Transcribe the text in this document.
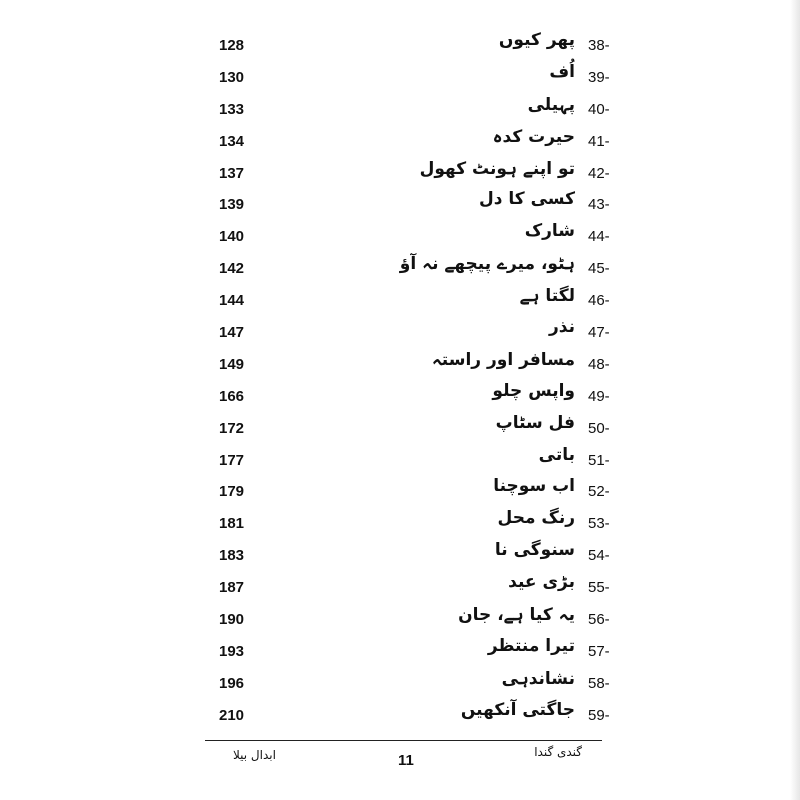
128	پھر کیوں 38-
130	اُف 39-
133	پہیلی 40-
134	حیرت کدہ 41-
137	تو اپنے ہونٹ کھول 42-
139	کسی کا دل 43-
140	شارک 44-
142	ہٹو، میرے پیچھے نہ آؤ 45-
144	لگتا ہے 46-
147	نذر 47-
149	مسافر اور راستہ 48-
166	واپس چلو 49-
172	فل سٹاپ 50-
177	باتی 51-
179	اب سوچنا 52-
181	رنگ محل 53-
183	سنوگی نا 54-
187	بڑی عید 55-
190	یہ کیا ہے، جان 56-
193	تیرا منتظر 57-
196	نشاندہی 58-
210	جاگتی آنکھیں 59-
ابدال بیلا	11	گندی گندا
